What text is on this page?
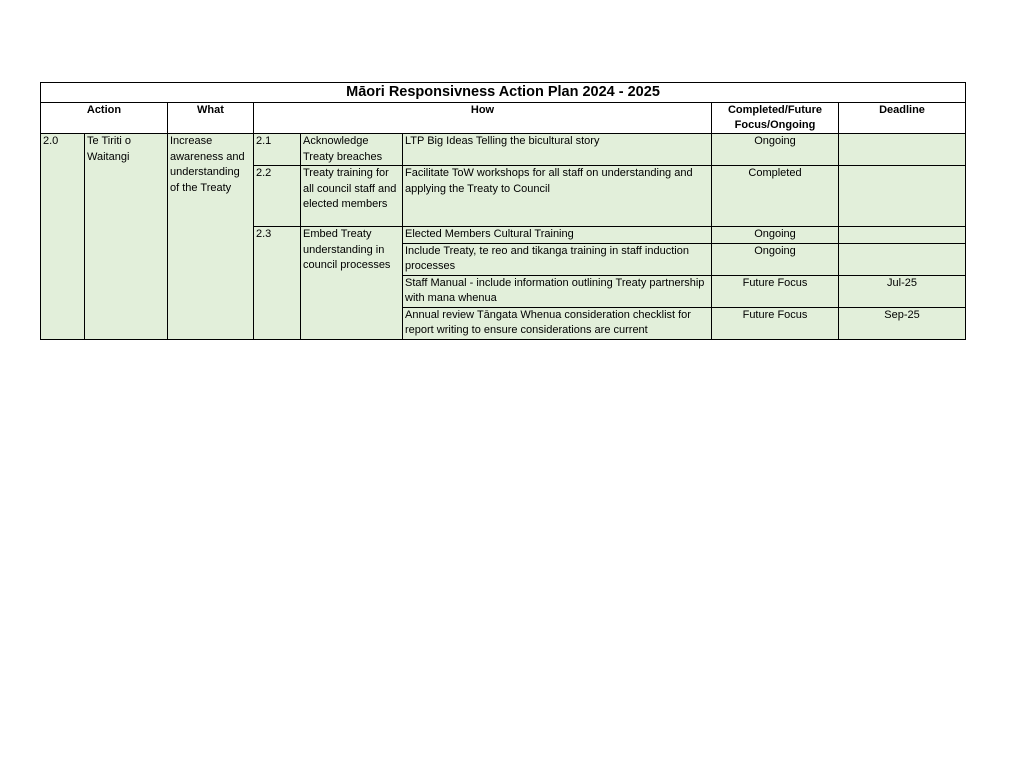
Māori Responsivness Action Plan 2024 - 2025							
Action		What	How			Completed/Future Focus/Ongoing	Deadline
2.0	Te Tiriti o Waitangi	Increase awareness and understanding of the Treaty	2.1	Acknowledge Treaty breaches	LTP Big Ideas Telling the bicultural story	Ongoing	
			2.2	Treaty training for all council staff and elected members	Facilitate ToW workshops for all staff on understanding and applying the Treaty to Council	Completed	
			2.3	Embed Treaty understanding in council processes	Elected Members Cultural Training	Ongoing	
					Include Treaty, te reo and tikanga training in staff induction processes	Ongoing	
					Staff Manual - include information outlining Treaty partnership with mana whenua	Future Focus	Jul-25
					Annual review Tāngata Whenua consideration checklist for report writing to ensure considerations are current	Future Focus	Sep-25
